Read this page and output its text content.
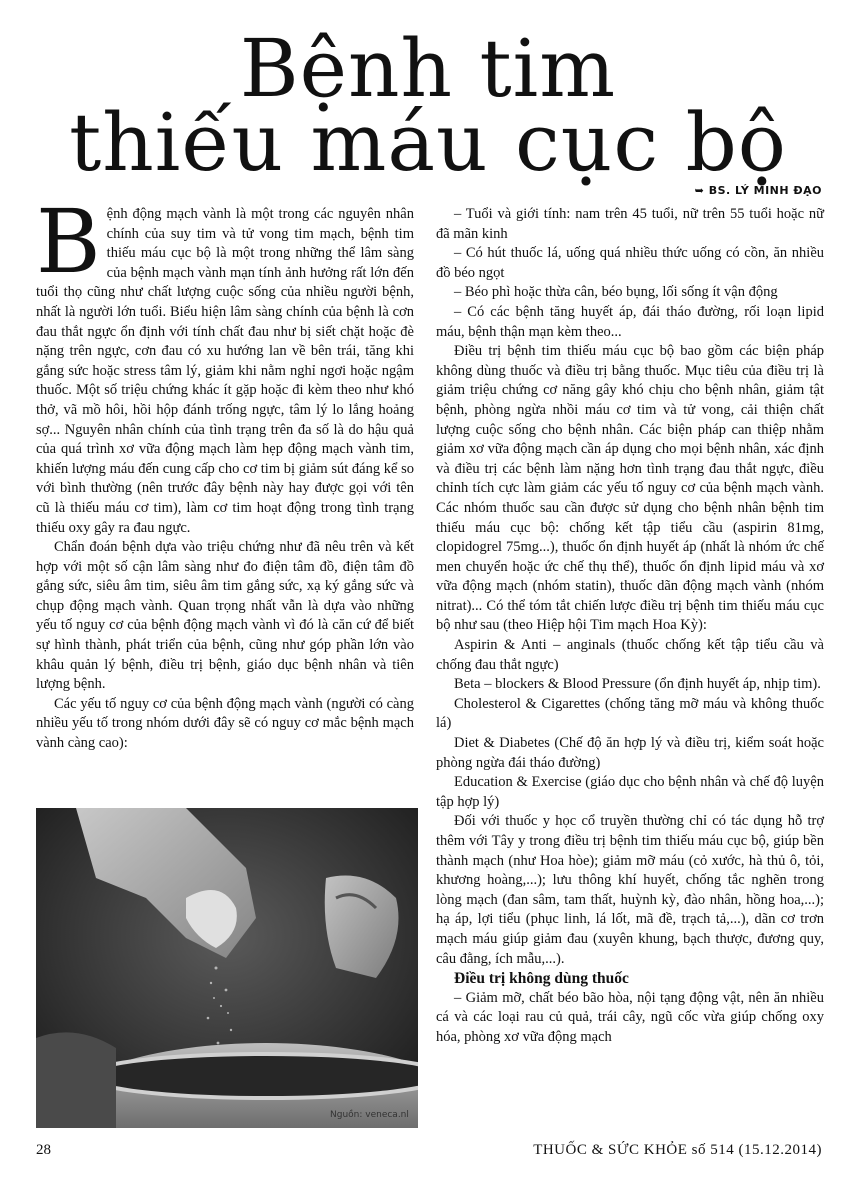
Bệnh tim
thiếu máu cục bộ
➥ BS. LÝ MINH ĐẠO

Bệnh động mạch vành là một trong các nguyên nhân chính của suy tim và tử vong tim mạch, bệnh tim thiếu máu cục bộ là một trong những thể lâm sàng của bệnh mạch vành mạn tính ảnh hưởng rất lớn đến tuổi thọ cũng như chất lượng cuộc sống của nhiều người bệnh, nhất là người lớn tuổi. Biểu hiện lâm sàng chính của bệnh là cơn đau thắt ngực ổn định với tính chất đau như bị siết chặt hoặc đè nặng trên ngực, cơn đau có xu hướng lan về bên trái, tăng khi gắng sức hoặc stress tâm lý, giảm khi nằm nghỉ ngơi hoặc ngậm thuốc. Một số triệu chứng khác ít gặp hoặc đi kèm theo như khó thở, vã mồ hôi, hồi hộp đánh trống ngực, tâm lý lo lắng hoảng sợ... Nguyên nhân chính của tình trạng trên đa số là do hậu quả của quá trình xơ vữa động mạch làm hẹp động mạch vành tim, khiến lượng máu đến cung cấp cho cơ tim bị giảm sút đáng kể so với bình thường (nên trước đây bệnh này hay được gọi với tên cũ là thiếu máu cơ tim), làm cơ tim hoạt động trong tình trạng thiếu oxy gây ra đau ngực.

Chẩn đoán bệnh dựa vào triệu chứng như đã nêu trên và kết hợp với một số cận lâm sàng như đo điện tâm đồ, điện tâm đồ gắng sức, siêu âm tim, siêu âm tim gắng sức, xạ ký gắng sức và chụp động mạch vành. Quan trọng nhất vẫn là dựa vào những yếu tố nguy cơ của bệnh động mạch vành vì đó là căn cứ để biết sự hình thành, phát triển của bệnh, cũng như góp phần lớn vào khâu quản lý bệnh, điều trị bệnh, giáo dục bệnh nhân và tiên lượng bệnh.

Các yếu tố nguy cơ của bệnh động mạch vành (người có càng nhiều yếu tố trong nhóm dưới đây sẽ có nguy cơ mắc bệnh mạch vành càng cao):

Nguồn: veneca.nl

– Tuổi và giới tính: nam trên 45 tuổi, nữ trên 55 tuổi hoặc nữ đã mãn kinh

– Có hút thuốc lá, uống quá nhiều thức uống có cồn, ăn nhiều đồ béo ngọt

– Béo phì hoặc thừa cân, béo bụng, lối sống ít vận động

– Có các bệnh tăng huyết áp, đái tháo đường, rối loạn lipid máu, bệnh thận mạn kèm theo...

Điều trị bệnh tim thiếu máu cục bộ bao gồm các biện pháp không dùng thuốc và điều trị bằng thuốc. Mục tiêu của điều trị là giảm triệu chứng cơ năng gây khó chịu cho bệnh nhân, giảm tật bệnh, phòng ngừa nhồi máu cơ tim và tử vong, cải thiện chất lượng cuộc sống cho bệnh nhân. Các biện pháp can thiệp nhằm giảm xơ vữa động mạch cần áp dụng cho mọi bệnh nhân, xác định và điều trị các bệnh làm nặng hơn tình trạng đau thắt ngực, điều chỉnh tích cực làm giảm các yếu tố nguy cơ của bệnh mạch vành. Các nhóm thuốc sau cần được sử dụng cho bệnh nhân bệnh tim thiếu máu cục bộ: chống kết tập tiểu cầu (aspirin 81mg, clopidogrel 75mg...), thuốc ổn định huyết áp (nhất là nhóm ức chế men chuyển hoặc ức chế thụ thể), thuốc ổn định lipid máu và xơ vữa động mạch (nhóm statin), thuốc dãn động mạch vành (nhóm nitrat)... Có thể tóm tắt chiến lược điều trị bệnh tim thiếu máu cục bộ như sau (theo Hiệp hội Tim mạch Hoa Kỳ):

Aspirin & Anti – anginals (thuốc chống kết tập tiểu cầu và chống đau thắt ngực)

Beta – blockers & Blood Pressure (ổn định huyết áp, nhịp tim).

Cholesterol & Cigarettes (chống tăng mỡ máu và không thuốc lá)

Diet & Diabetes (Chế độ ăn hợp lý và điều trị, kiểm soát hoặc phòng ngừa đái tháo đường)

Education & Exercise (giáo dục cho bệnh nhân và chế độ luyện tập hợp lý)

Đối với thuốc y học cổ truyền thường chỉ có tác dụng hỗ trợ thêm với Tây y trong điều trị bệnh tim thiếu máu cục bộ, giúp bền thành mạch (như Hoa hòe); giảm mỡ máu (cỏ xước, hà thủ ô, tỏi, khương hoàng,...); lưu thông khí huyết, chống tắc nghẽn trong lòng mạch (đan sâm, tam thất, huỳnh kỳ, đào nhân, hồng hoa,...); hạ áp, lợi tiểu (phục linh, lá lốt, mã đề, trạch tả,...), dãn cơ trơn mạch máu giúp giảm đau (xuyên khung, bạch thược, đương quy, câu đằng, ích mẫu,...).

Điều trị không dùng thuốc

– Giảm mỡ, chất béo bão hòa, nội tạng động vật, nên ăn nhiều cá và các loại rau củ quả, trái cây, ngũ cốc vừa giúp chống oxy hóa, phòng xơ vữa động mạch

28	THUỐC & SỨC KHỎE số 514 (15.12.2014)
